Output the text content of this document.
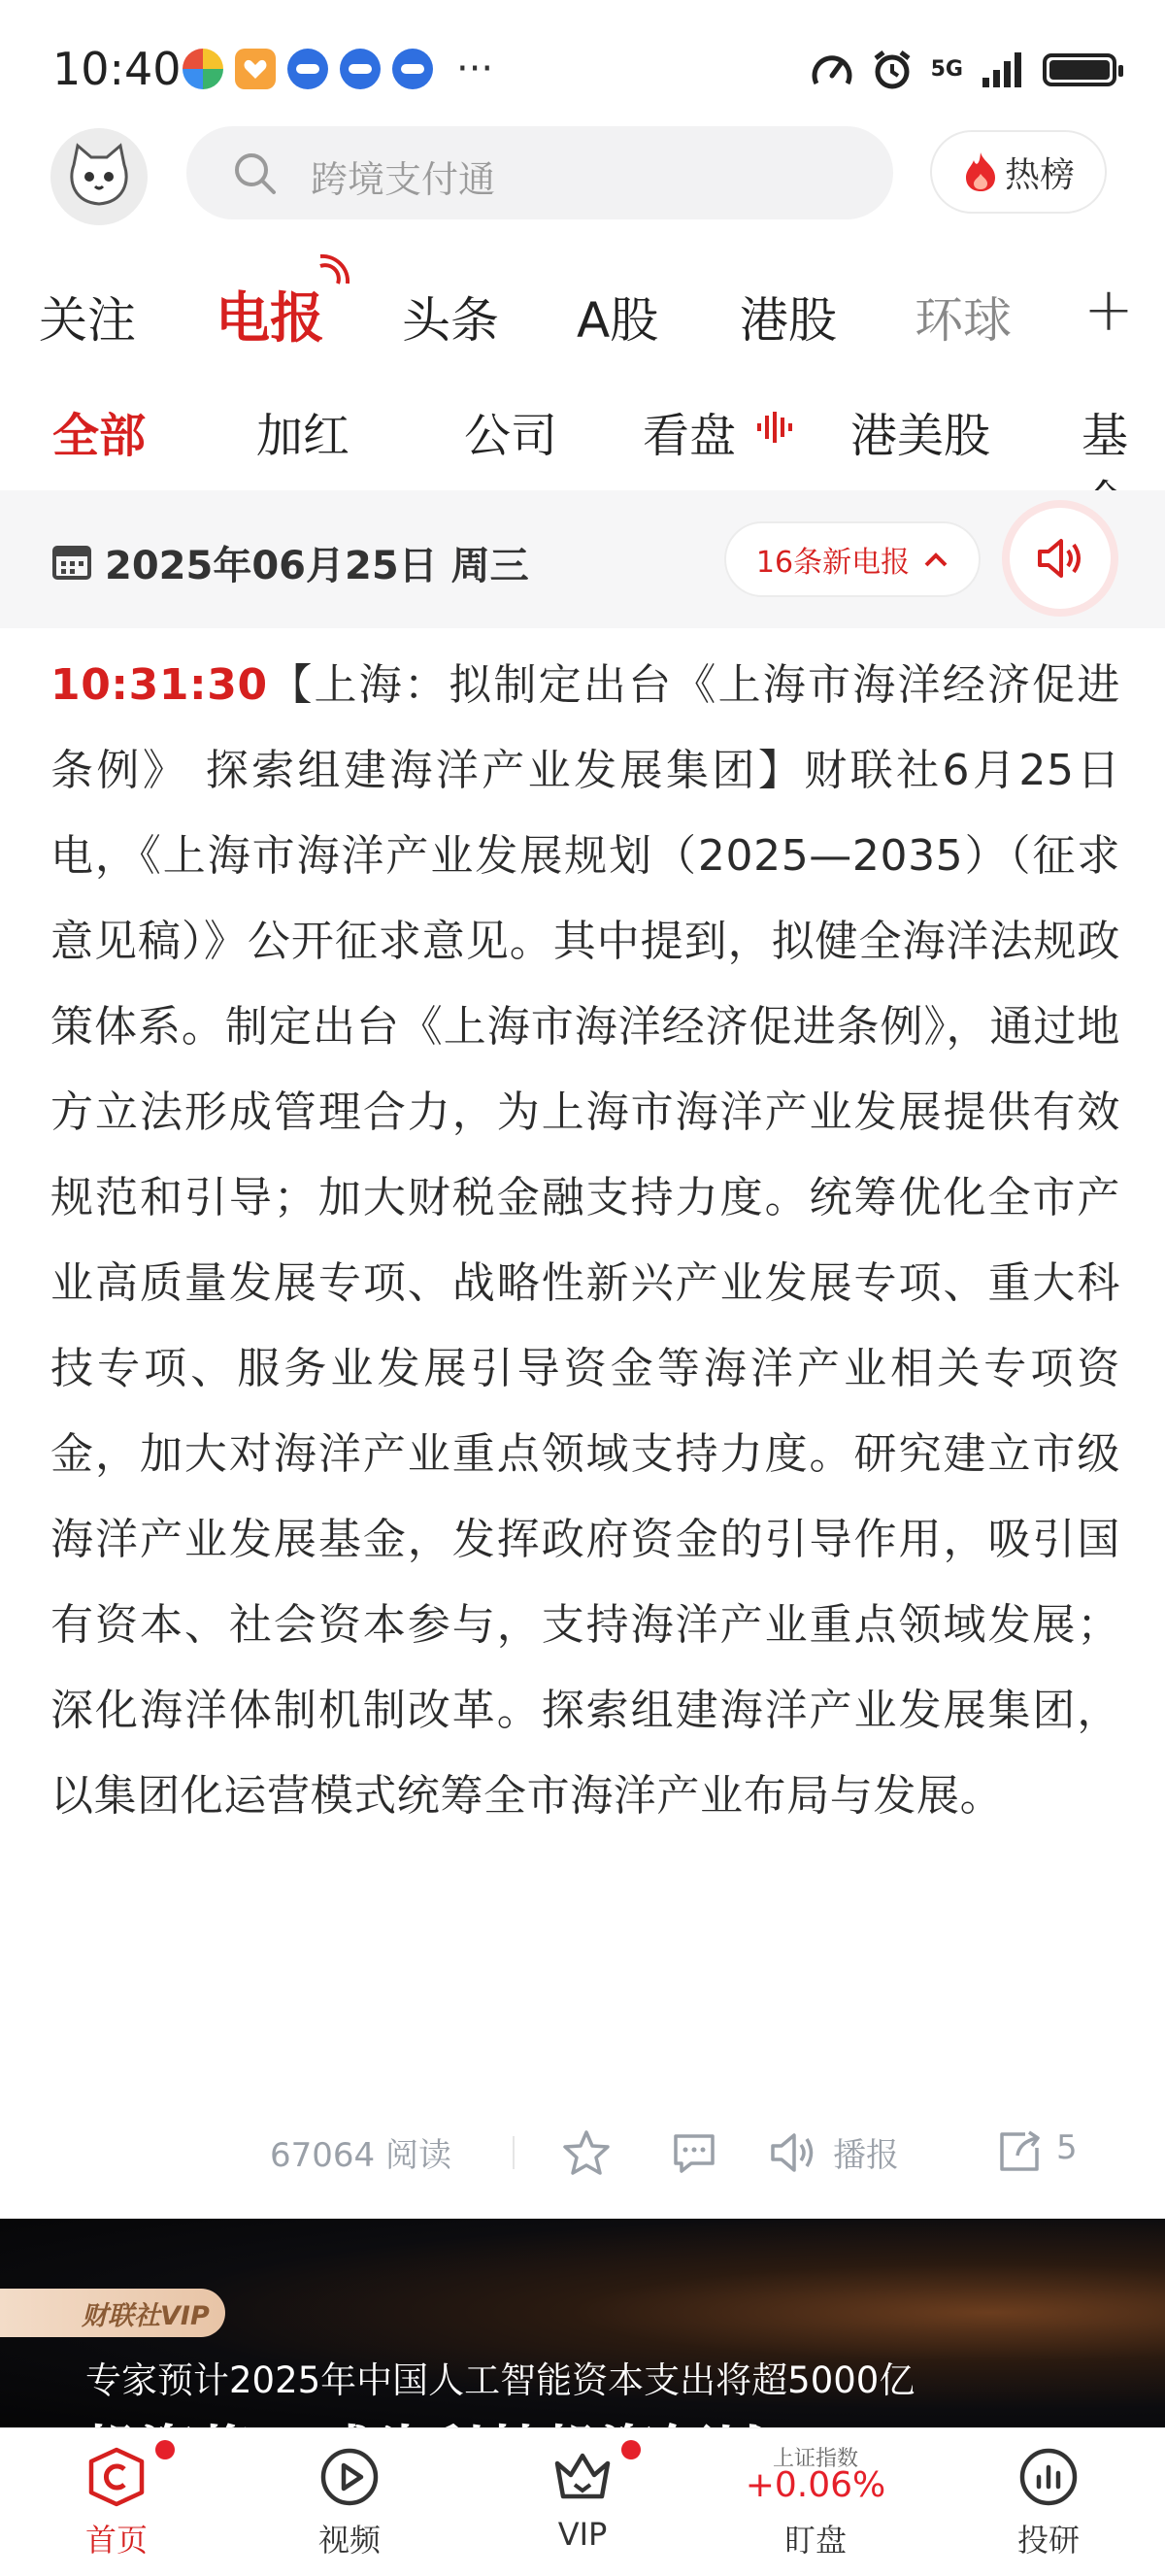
10:40	···	5G
跨境支付通	热榜
关注 电报 头条 A股 港股 环球 +
全部 加红 公司 看盘 港美股 基
2025年06月25日 周三	16条新电报
10:31:30【上海：拟制定出台《上海市海洋经济促进条例》 探索组建海洋产业发展集团】财联社6月25日电，《上海市海洋产业发展规划（2025—2035）（征求意见稿）》公开征求意见。其中提到，拟健全海洋法规政策体系。制定出台《上海市海洋经济促进条例》，通过地方立法形成管理合力，为上海市海洋产业发展提供有效规范和引导；加大财税金融支持力度。统筹优化全市产业高质量发展专项、战略性新兴产业发展专项、重大科技专项、服务业发展引导资金等海洋产业相关专项资金，加大对海洋产业重点领域支持力度。研究建立市级海洋产业发展基金，发挥政府资金的引导作用，吸引国有资本、社会资本参与，支持海洋产业重点领域发展；深化海洋体制机制改革。探索组建海洋产业发展集团，以集团化运营模式统筹全市海洋产业布局与发展。
67064 阅读	播报	5
财联社VIP
专家预计2025年中国人工智能资本支出将超5000亿
首页	视频	VIP
上证指数
+0.06%
盯盘	投研
